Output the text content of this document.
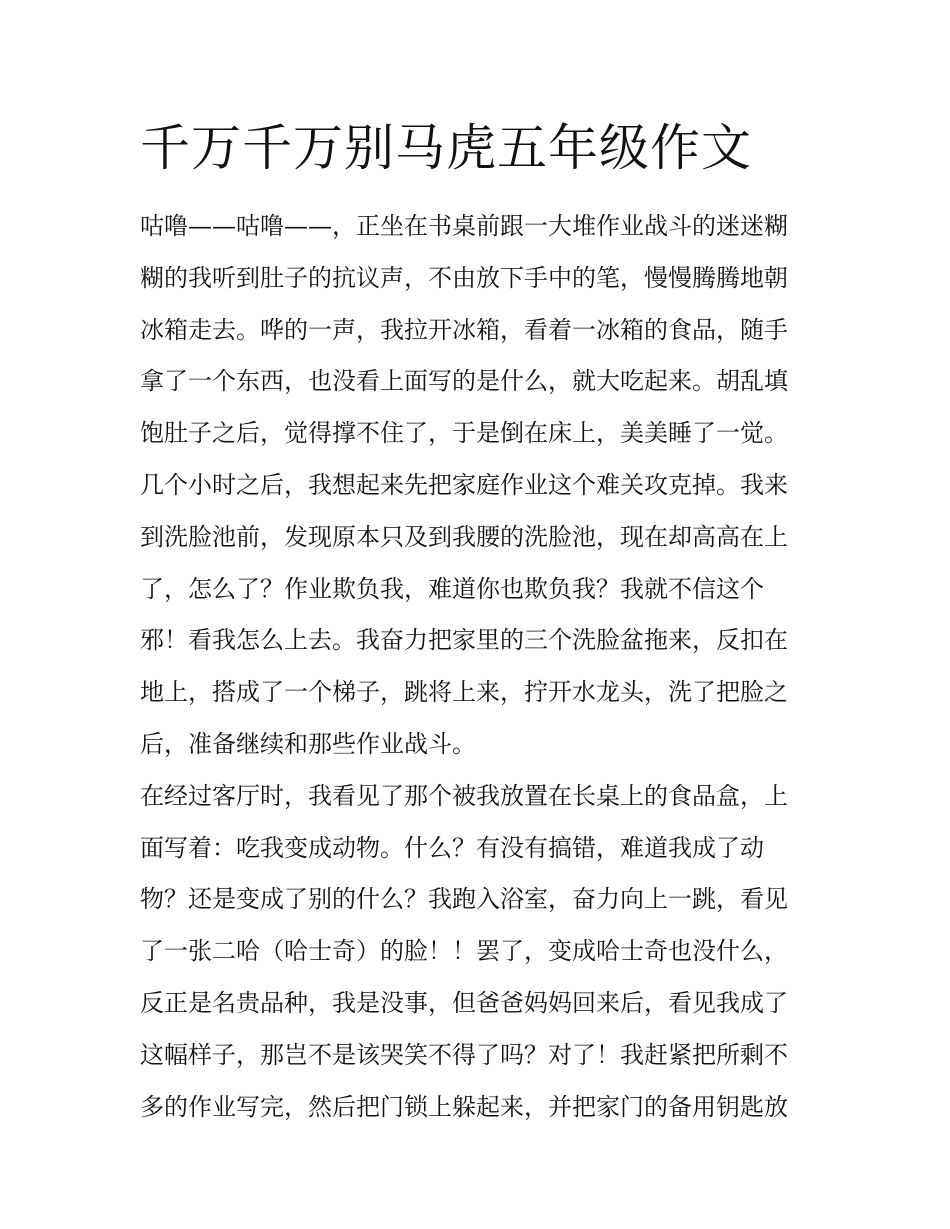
千万千万别马虎五年级作文

咕噜——咕噜——，正坐在书桌前跟一大堆作业战斗的迷迷糊

糊的我听到肚子的抗议声，不由放下手中的笔，慢慢腾腾地朝

冰箱走去。哗的一声，我拉开冰箱，看着一冰箱的食品，随手

拿了一个东西，也没看上面写的是什么，就大吃起来。胡乱填

饱肚子之后，觉得撑不住了，于是倒在床上，美美睡了一觉。

几个小时之后，我想起来先把家庭作业这个难关攻克掉。我来

到洗脸池前，发现原本只及到我腰的洗脸池，现在却高高在上

了，怎么了？作业欺负我，难道你也欺负我？我就不信这个

邪！看我怎么上去。我奋力把家里的三个洗脸盆拖来，反扣在

地上，搭成了一个梯子，跳将上来，拧开水龙头，洗了把脸之

后，准备继续和那些作业战斗。

在经过客厅时，我看见了那个被我放置在长桌上的食品盒，上

面写着：吃我变成动物。什么？有没有搞错，难道我成了动

物？还是变成了别的什么？我跑入浴室，奋力向上一跳，看见

了一张二哈（哈士奇）的脸！！罢了，变成哈士奇也没什么，

反正是名贵品种，我是没事，但爸爸妈妈回来后，看见我成了

这幅样子，那岂不是该哭笑不得了吗？对了！我赶紧把所剩不

多的作业写完，然后把门锁上躲起来，并把家门的备用钥匙放
